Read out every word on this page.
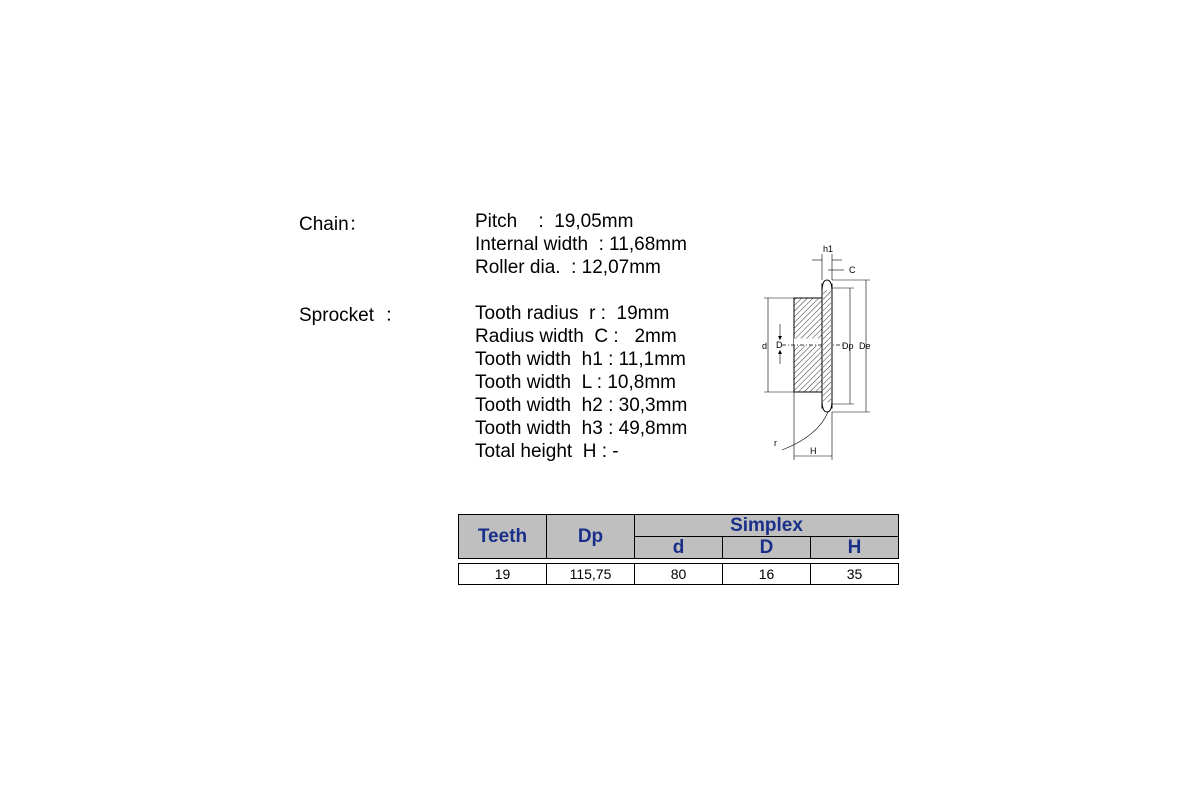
Chain：
Sprocket  ：
Pitch    :  19,05mm
Internal width  : 11,68mm
Roller dia.  : 12,07mm
Tooth radius  r :  19mm
Radius width  C :   2mm
Tooth width  h1 : 11,1mm
Tooth width  L : 10,8mm
Tooth width  h2 : 30,3mm
Tooth width  h3 : 49,8mm
Total height  H : -
h1
C
d D	Dp De
r
H
Teeth	Dp	Simplex		
		d	D	H

19	115,75	80	16	35
